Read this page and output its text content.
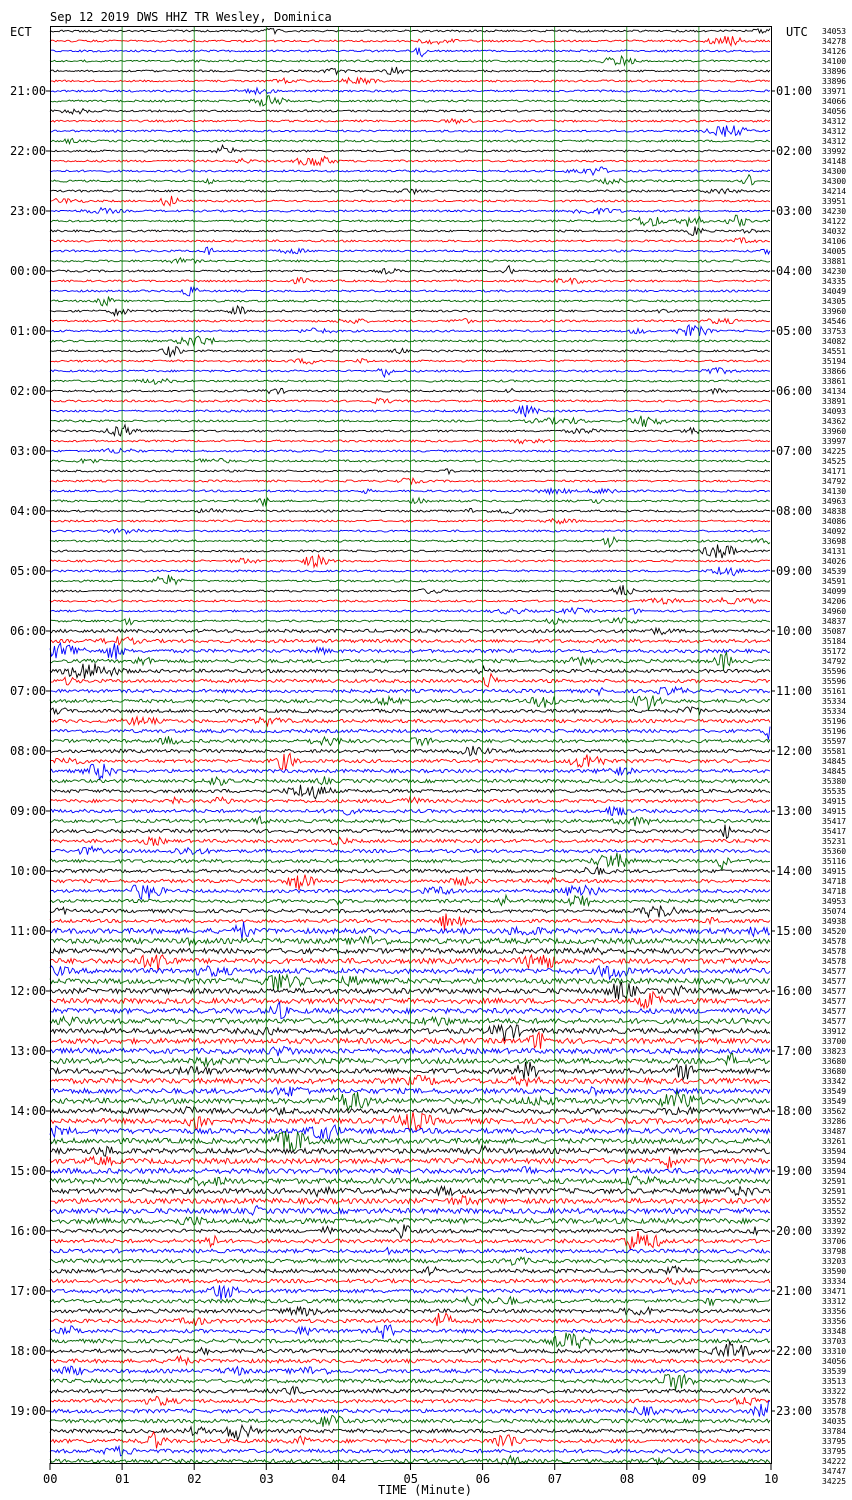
Sep 12 2019 DWS HHZ TR Wesley, Dominica
ECT	UTC
21:00
22:00
23:00
00:00
01:00
02:00
03:00
04:00
05:00
06:00
07:00
08:00
09:00
10:00
11:00
12:00
13:00
14:00
15:00
16:00
17:00
18:00
19:00
01:00
02:00
03:00
04:00
05:00
06:00
07:00
08:00
09:00
10:00
11:00
12:00
13:00
14:00
15:00
16:00
17:00
18:00
19:00
20:00
21:00
22:00
23:00
34053
34278
34126
34100
33896
33896
33971
34066
34056
34312
34312
34312
33992
34148
34300
34300
34214
33951
34230
34122
34032
34106
34005
33881
34230
34335
34049
34305
33960
34546
33753
34082
34551
35194
33866
33861
34134
33891
34093
34362
33960
33997
34225
34525
34171
34792
34130
34963
34838
34086
34092
33698
34131
34026
34539
34591
34099
34206
34960
34837
35087
35184
35172
34792
35596
35596
35161
35334
35334
35196
35196
35597
35581
34845
34845
35380
35535
34915
34915
35417
35417
35231
35360
35116
34915
34718
34718
34953
35074
34938
34520
34578
34578
34578
34577
34577
34577
34577
34577
34577
33912
33700
33823
33680
33680
33342
33549
33549
33562
33286
33487
33261
33594
33594
33594
32591
32591
33552
33552
33392
33392
33706
33798
33203
33590
33334
33471
33312
33356
33356
33348
33703
33310
34056
33539
33513
33322
33578
33578
34035
33784
33795
33795
34222
34747
34225
00	01	02	03	04	05	06	07	08	09	10
TIME (Minute)
